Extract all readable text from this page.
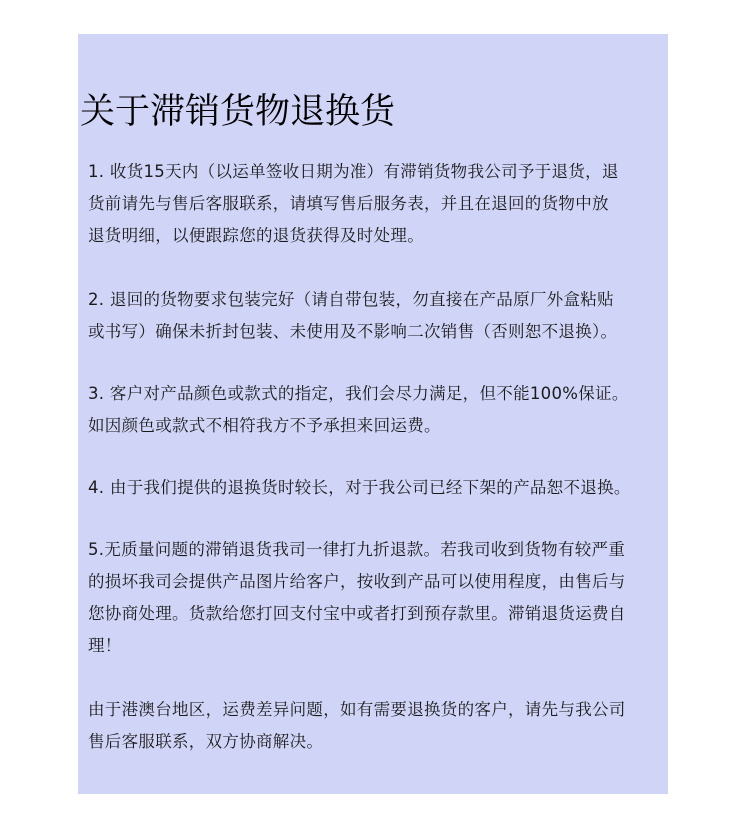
关于滞销货物退换货

1. 收货15天内（以运单签收日期为准）有滞销货物我公司予于退货，退
货前请先与售后客服联系，请填写售后服务表，并且在退回的货物中放
退货明细，以便跟踪您的退货获得及时处理。

2. 退回的货物要求包装完好（请自带包装，勿直接在产品原厂外盒粘贴
或书写）确保未折封包装、未使用及不影响二次销售（否则恕不退换）。

3. 客户对产品颜色或款式的指定，我们会尽力满足，但不能100%保证。
如因颜色或款式不相符我方不予承担来回运费。

4. 由于我们提供的退换货时较长，对于我公司已经下架的产品恕不退换。

5.无质量问题的滞销退货我司一律打九折退款。若我司收到货物有较严重
的损坏我司会提供产品图片给客户，按收到产品可以使用程度，由售后与
您协商处理。货款给您打回支付宝中或者打到预存款里。滞销退货运费自
理！

由于港澳台地区，运费差异问题，如有需要退换货的客户，请先与我公司
售后客服联系，双方协商解决。
